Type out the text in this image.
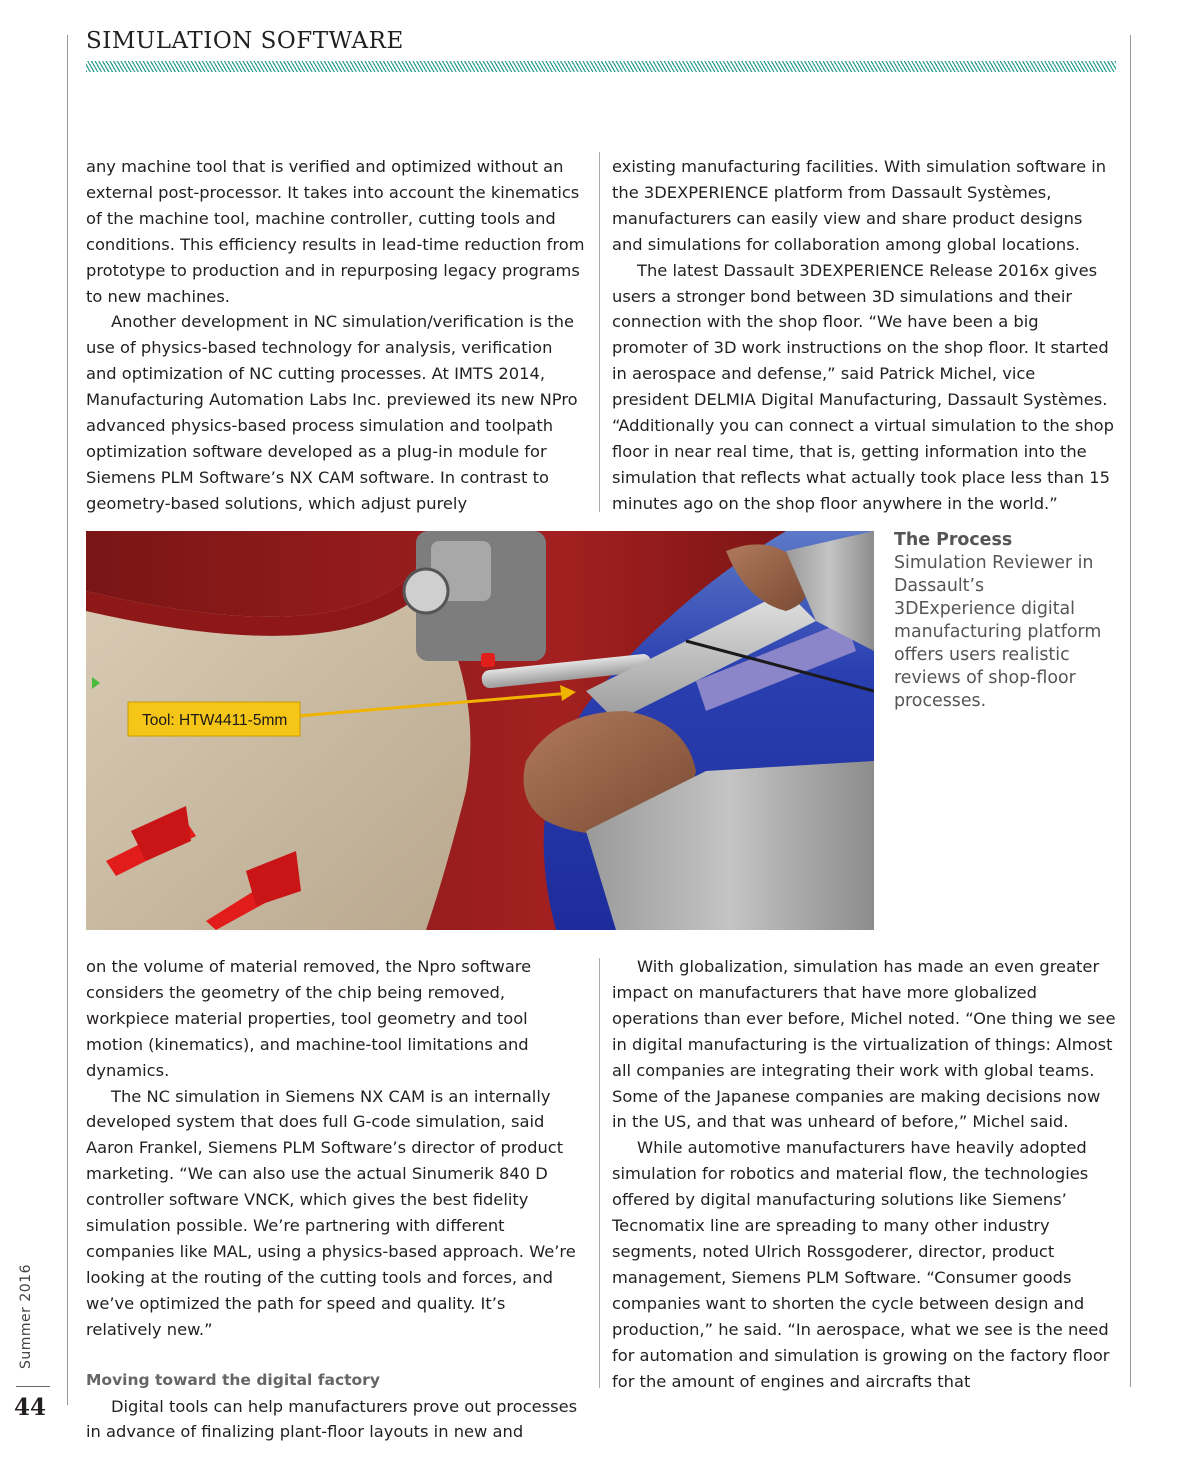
SIMULATION SOFTWARE

any machine tool that is verified and optimized without an external post-processor. It takes into account the kinematics of the machine tool, machine controller, cutting tools and conditions. This efficiency results in lead-time reduction from prototype to production and in repurposing legacy programs to new machines.

Another development in NC simulation/verification is the use of physics-based technology for analysis, verification and optimization of NC cutting processes. At IMTS 2014, Manufacturing Automation Labs Inc. previewed its new NPro advanced physics-based process simulation and toolpath optimization software developed as a plug-in module for Siemens PLM Software’s NX CAM software. In contrast to geometry-based solutions, which adjust purely

existing manufacturing facilities. With simulation software in the 3DEXPERIENCE platform from Dassault Systèmes, manufacturers can easily view and share product designs and simulations for collaboration among global locations.

The latest Dassault 3DEXPERIENCE Release 2016x gives users a stronger bond between 3D simulations and their connection with the shop floor. “We have been a big promoter of 3D work instructions on the shop floor. It started in aerospace and defense,” said Patrick Michel, vice president DELMIA Digital Manufacturing, Dassault Systèmes. “Additionally you can connect a virtual simulation to the shop floor in near real time, that is, getting information into the simulation that reflects what actually took place less than 15 minutes ago on the shop floor anywhere in the world.”

Tool: HTW4411-5mm
The Process Simulation Reviewer in Dassault’s 3DExperience digital manufacturing platform offers users realistic reviews of shop-floor processes.

on the volume of material removed, the Npro software considers the geometry of the chip being removed, workpiece material properties, tool geometry and tool motion (kinematics), and machine-tool limitations and dynamics.

The NC simulation in Siemens NX CAM is an internally developed system that does full G-code simulation, said Aaron Frankel, Siemens PLM Software’s director of product marketing. “We can also use the actual Sinumerik 840 D controller software VNCK, which gives the best fidelity simulation possible. We’re partnering with different companies like MAL, using a physics-based approach. We’re looking at the routing of the cutting tools and forces, and we’ve optimized the path for speed and quality. It’s relatively new.”

Moving toward the digital factory

Digital tools can help manufacturers prove out processes in advance of finalizing plant-floor layouts in new and

With globalization, simulation has made an even greater impact on manufacturers that have more globalized operations than ever before, Michel noted. “One thing we see in digital manufacturing is the virtualization of things: Almost all companies are integrating their work with global teams. Some of the Japanese companies are making decisions now in the US, and that was unheard of before,” Michel said.

While automotive manufacturers have heavily adopted simulation for robotics and material flow, the technologies offered by digital manufacturing solutions like Siemens’ Tecnomatix line are spreading to many other industry segments, noted Ulrich Rossgoderer, director, product management, Siemens PLM Software. “Consumer goods companies want to shorten the cycle between design and production,” he said. “In aerospace, what we see is the need for automation and simulation is growing on the factory floor for the amount of engines and aircrafts that

Summer 2016
44
